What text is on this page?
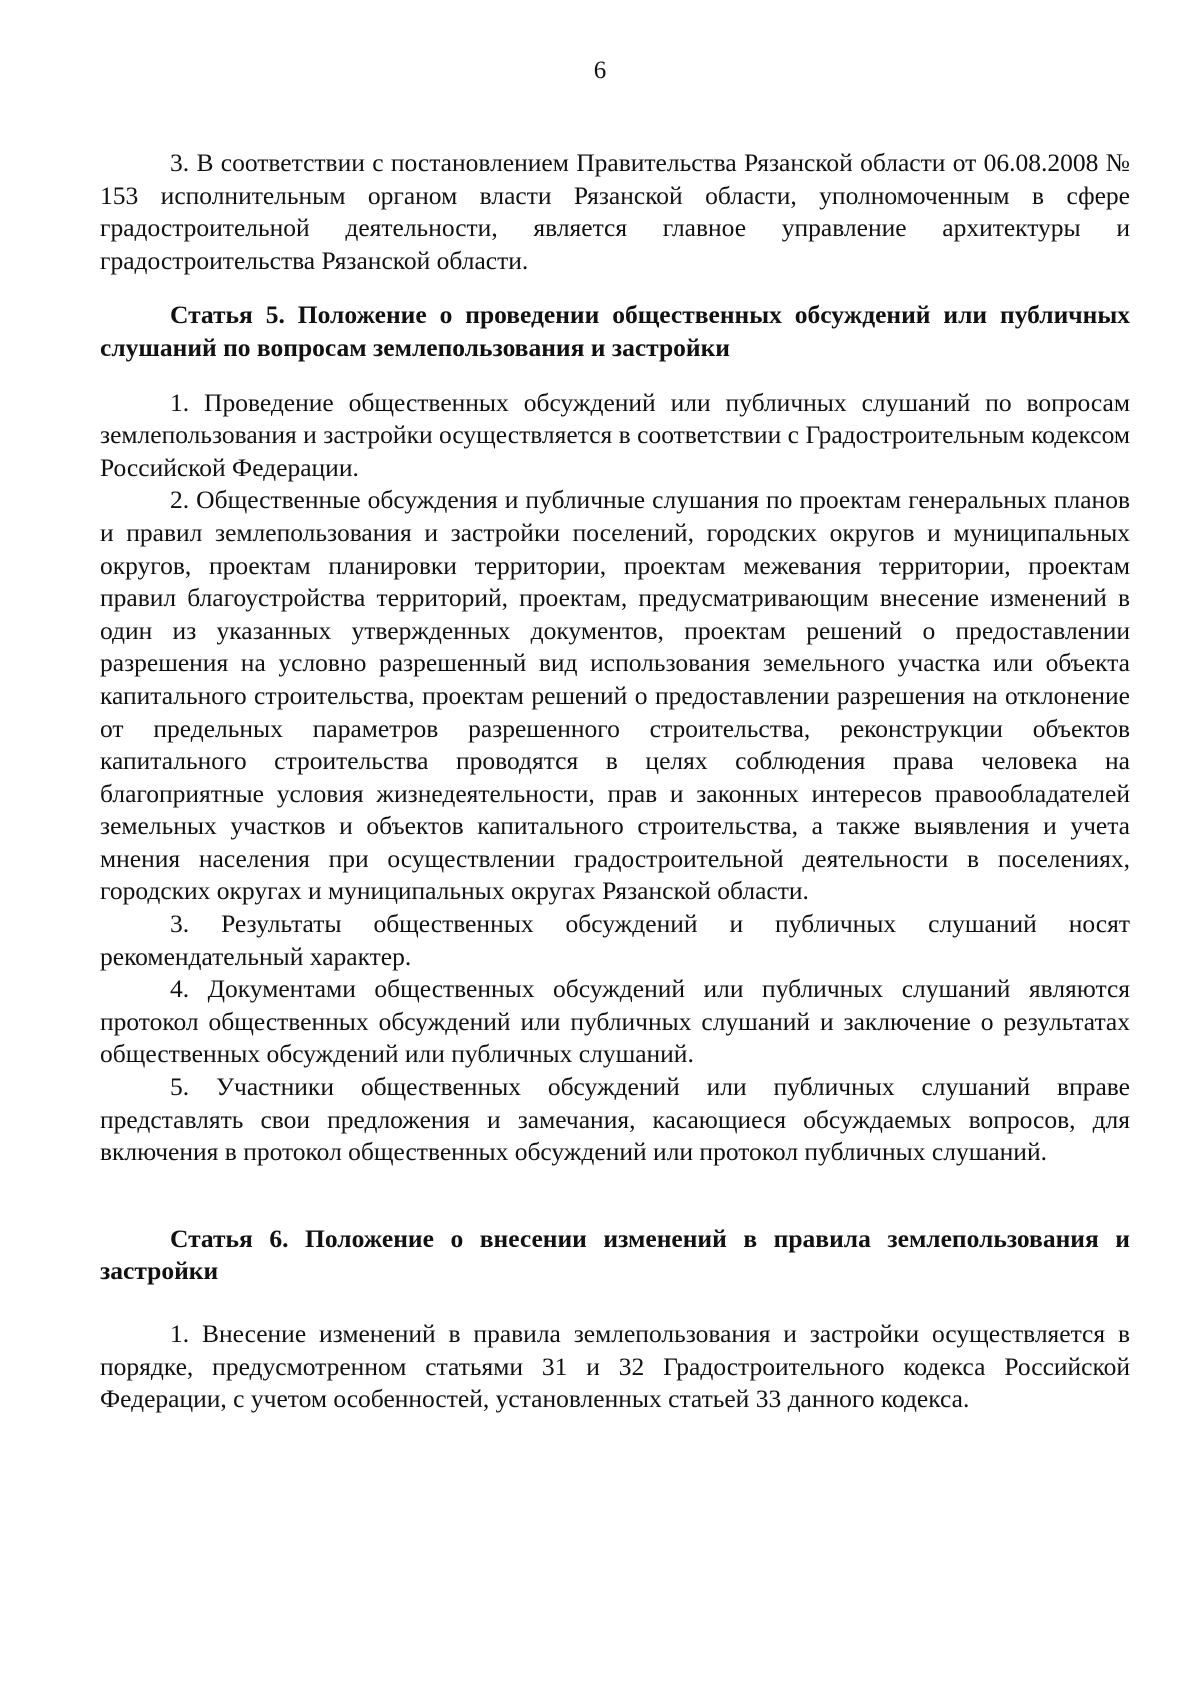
6

3. В соответствии с постановлением Правительства Рязанской области от 06.08.2008 № 153 исполнительным органом власти Рязанской области, уполномоченным в сфере градостроительной деятельности, является главное управление архитектуры и градостроительства Рязанской области.

Статья 5. Положение о проведении общественных обсуждений или публичных слушаний по вопросам землепользования и застройки

1. Проведение общественных обсуждений или публичных слушаний по вопросам землепользования и застройки осуществляется в соответствии с Градостроительным кодексом Российской Федерации.

2. Общественные обсуждения и публичные слушания по проектам генеральных планов и правил землепользования и застройки поселений, городских округов и муниципальных округов, проектам планировки территории, проектам межевания территории, проектам правил благоустройства территорий, проектам, предусматривающим внесение изменений в один из указанных утвержденных документов, проектам решений о предоставлении разрешения на условно разрешенный вид использования земельного участка или объекта капитального строительства, проектам решений о предоставлении разрешения на отклонение от предельных параметров разрешенного строительства, реконструкции объектов капитального строительства проводятся в целях соблюдения права человека на благоприятные условия жизнедеятельности, прав и законных интересов правообладателей земельных участков и объектов капитального строительства, а также выявления и учета мнения населения при осуществлении градостроительной деятельности в поселениях, городских округах и муниципальных округах Рязанской области.

3. Результаты общественных обсуждений и публичных слушаний носят рекомендательный характер.

4. Документами общественных обсуждений или публичных слушаний являются протокол общественных обсуждений или публичных слушаний и заключение о результатах общественных обсуждений или публичных слушаний.

5. Участники общественных обсуждений или публичных слушаний вправе представлять свои предложения и замечания, касающиеся обсуждаемых вопросов, для включения в протокол общественных обсуждений или протокол публичных слушаний.

Статья 6. Положение о внесении изменений в правила землепользования и застройки

1. Внесение изменений в правила землепользования и застройки осуществляется в порядке, предусмотренном статьями 31 и 32 Градостроительного кодекса Российской Федерации, с учетом особенностей, установленных статьей 33 данного кодекса.
